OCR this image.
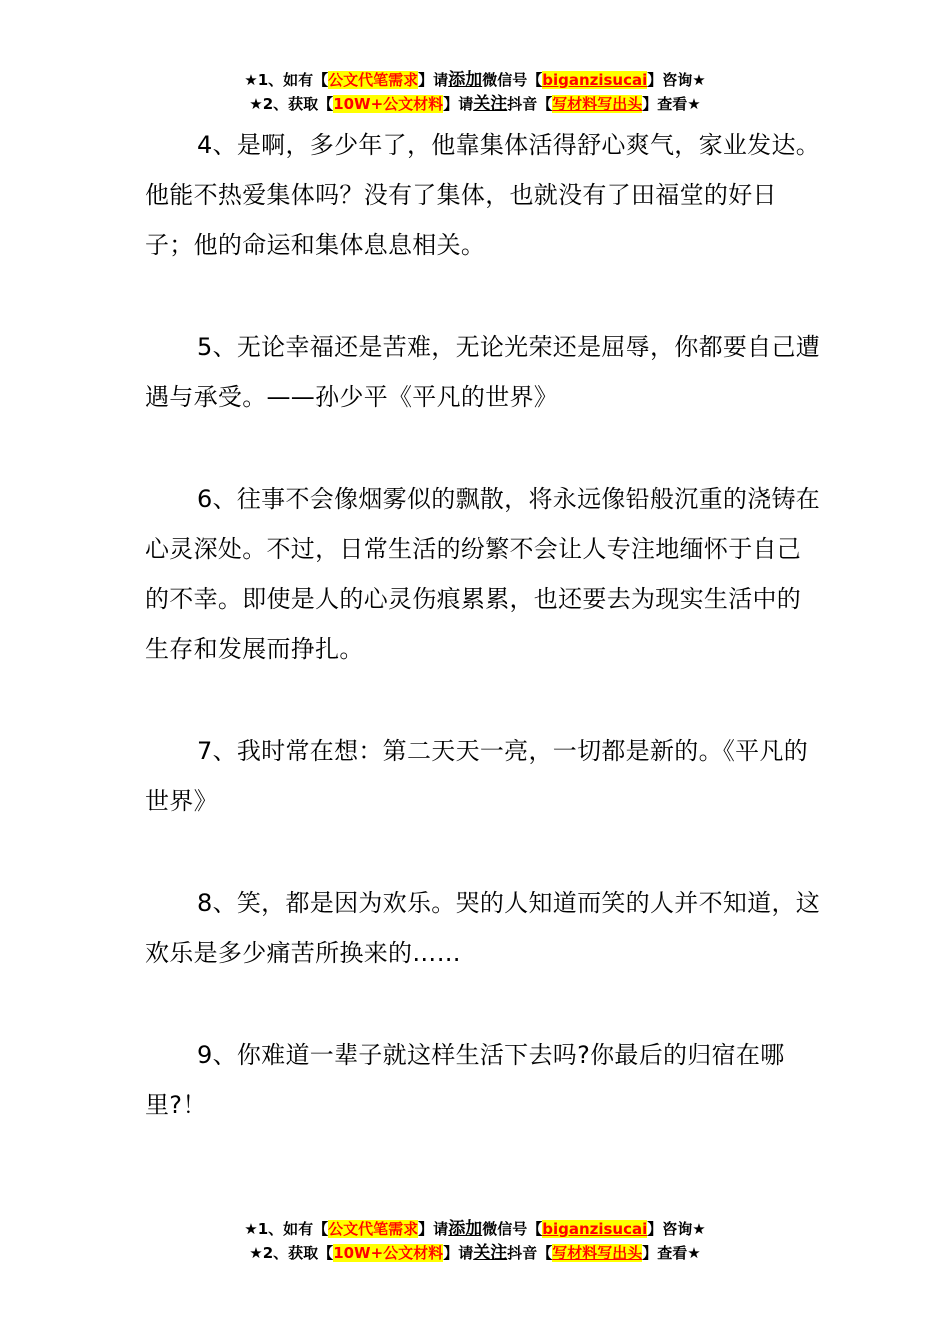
★1、如有【公文代笔需求】请添加微信号【biganzisucai】咨询★
★2、获取【10W+公文材料】请关注抖音【写材料写出头】查看★

4、是啊，多少年了，他靠集体活得舒心爽气，家业发达。他能不热爱集体吗？没有了集体，也就没有了田福堂的好日子；他的命运和集体息息相关。

5、无论幸福还是苦难，无论光荣还是屈辱，你都要自己遭遇与承受。——孙少平《平凡的世界》

6、往事不会像烟雾似的飘散，将永远像铅般沉重的浇铸在心灵深处。不过，日常生活的纷繁不会让人专注地缅怀于自己的不幸。即使是人的心灵伤痕累累，也还要去为现实生活中的生存和发展而挣扎。

7、我时常在想：第二天天一亮，一切都是新的。《平凡的世界》

8、笑，都是因为欢乐。哭的人知道而笑的人并不知道，这欢乐是多少痛苦所换来的……

9、你难道一辈子就这样生活下去吗?你最后的归宿在哪里?！

★1、如有【公文代笔需求】请添加微信号【biganzisucai】咨询★
★2、获取【10W+公文材料】请关注抖音【写材料写出头】查看★
